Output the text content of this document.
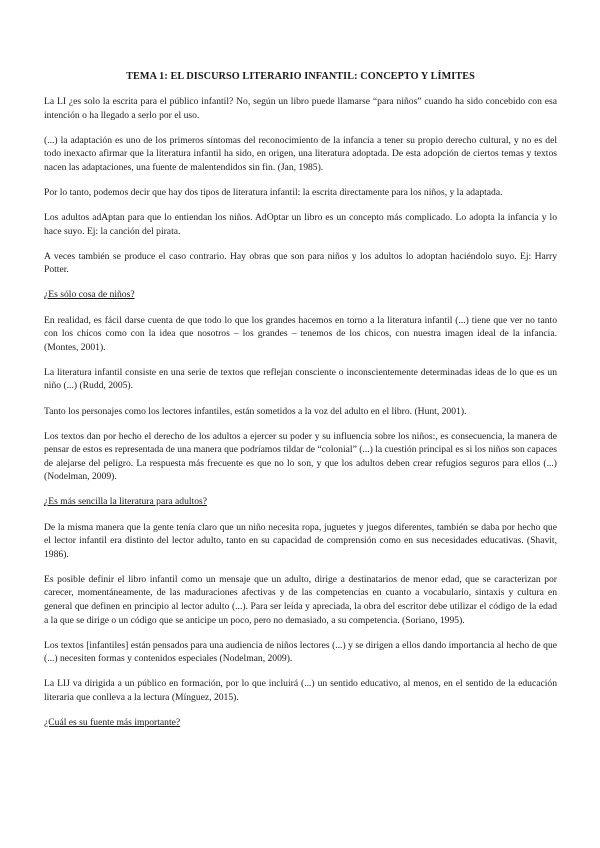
TEMA 1: EL DISCURSO LITERARIO INFANTIL: CONCEPTO Y LÍMITES

La LI ¿es solo la escrita para el público infantil? No, según un libro puede llamarse “para niños” cuando ha sido concebido con esa intención o ha llegado a serlo por el uso.

(...) la adaptación es uno de los primeros síntomas del reconocimiento de la infancia a tener su propio derecho cultural, y no es del todo inexacto afirmar que la literatura infantil ha sido, en origen, una literatura adoptada. De esta adopción de ciertos temas y textos nacen las adaptaciones, una fuente de malentendidos sin fin. (Jan, 1985).

Por lo tanto, podemos decir que hay dos tipos de literatura infantil: la escrita directamente para los niños, y la adaptada.

Los adultos adAptan para que lo entiendan los niños. AdOptar un libro es un concepto más complicado. Lo adopta la infancia y lo hace suyo. Ej: la canción del pirata.

A veces también se produce el caso contrario. Hay obras que son para niños y los adultos lo adoptan haciéndolo suyo. Ej: Harry Potter.

¿Es sólo cosa de niños?

En realidad, es fácil darse cuenta de que todo lo que los grandes hacemos en torno a la literatura infantil (...) tiene que ver no tanto con los chicos como con la idea que nosotros – los grandes – tenemos de los chicos, con nuestra imagen ideal de la infancia. (Montes, 2001).

La literatura infantil consiste en una serie de textos que reflejan consciente o inconscientemente determinadas ideas de lo que es un niño (...) (Rudd, 2005).

Tanto los personajes como los lectores infantiles, están sometidos a la voz del adulto en el libro. (Hunt, 2001).

Los textos dan por hecho el derecho de los adultos a ejercer su poder y su influencia sobre los niños:, es consecuencia, la manera de pensar de estos es representada de una manera que podríamos tildar de “colonial” (...) la cuestión principal es si los niños son capaces de alejarse del peligro. La respuesta más frecuente es que no lo son, y que los adultos deben crear refugios seguros para ellos (...) (Nodelman, 2009).

¿Es más sencilla la literatura para adultos?

De la misma manera que la gente tenía claro que un niño necesita ropa, juguetes y juegos diferentes, también se daba por hecho que el lector infantil era distinto del lector adulto, tanto en su capacidad de comprensión como en sus necesidades educativas. (Shavit, 1986).

Es posible definir el libro infantil como un mensaje que un adulto, dirige a destinatarios de menor edad, que se caracterizan por carecer, momentáneamente, de las maduraciones afectivas y de las competencias en cuanto a vocabulario, sintaxis y cultura en general que definen en principio al lector adulto (...). Para ser leída y apreciada, la obra del escritor debe utilizar el código de la edad a la que se dirige o un código que se anticipe un poco, pero no demasiado, a su competencia. (Soriano, 1995).

Los textos [infantiles] están pensados para una audiencia de niños lectores (...) y se dirigen a ellos dando importancia al hecho de que (...) necesiten formas y contenidos especiales (Nodelman, 2009).

La LIJ va dirigida a un público en formación, por lo que incluirá (...) un sentido educativo, al menos, en el sentido de la educación literaria que conlleva a la lectura (Mínguez, 2015).

¿Cuál es su fuente más importante?
